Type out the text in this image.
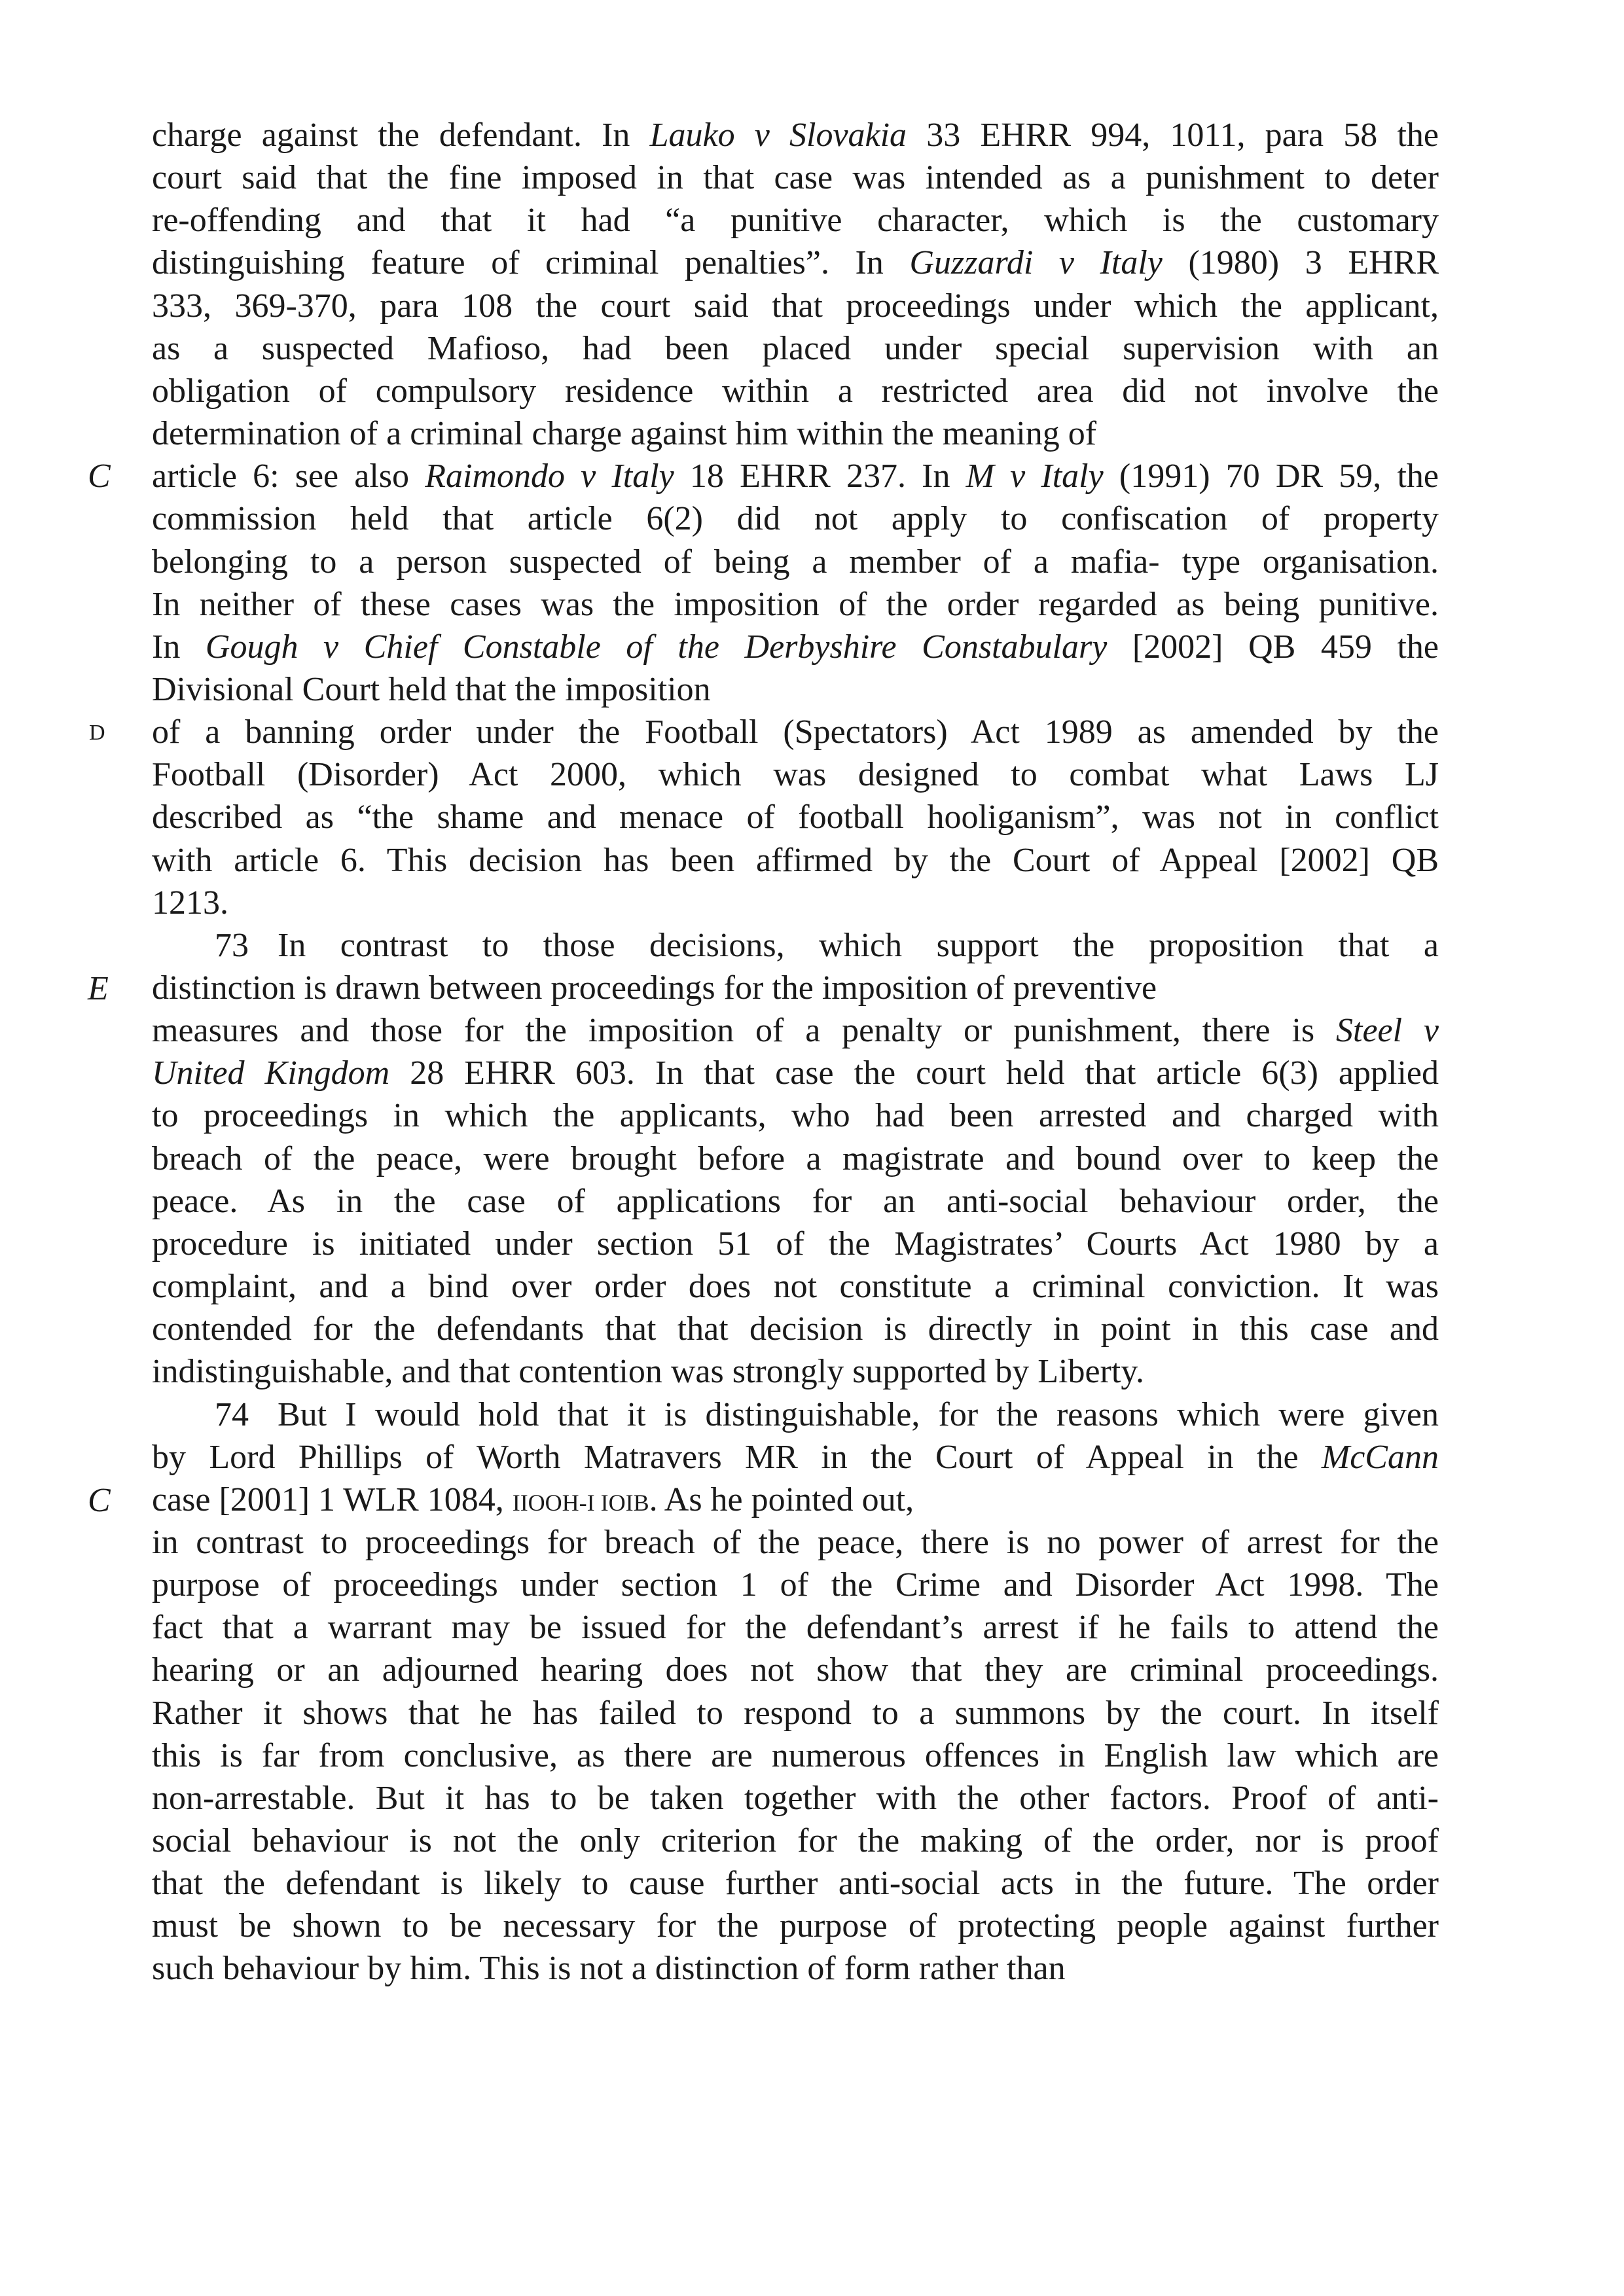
charge against the defendant. In Lauko v Slovakia 33 EHRR 994, 1011, para 58 the
court said that the fine imposed in that case was intended as a punishment to deter
re-offending and that it had “a punitive character, which is the customary
distinguishing feature of criminal penalties”. In Guzzardi v Italy (1980) 3 EHRR
333, 369-370, para 108 the court said that proceedings under which the applicant,
as a suspected Mafioso, had been placed under special supervision with an
obligation of compulsory residence within a restricted area did not involve the
determination of a criminal charge against him within the meaning of
article 6: see also Raimondo v Italy 18 EHRR 237. In M v Italy (1991) 70 DR 59, the
commission held that article 6(2) did not apply to confiscation of property
belonging to a person suspected of being a member of a mafia- type organisation.
In neither of these cases was the imposition of the order regarded as being punitive.
In Gough v Chief Constable of the Derbyshire Constabulary [2002] QB 459 the
Divisional Court held that the imposition
of a banning order under the Football (Spectators) Act 1989 as amended by the
Football (Disorder) Act 2000, which was designed to combat what Laws LJ
described as “the shame and menace of football hooliganism”, was not in conflict
with article 6. This decision has been affirmed by the Court of Appeal [2002] QB
1213.
73 In contrast to those decisions, which support the proposition that a
distinction is drawn between proceedings for the imposition of preventive
measures and those for the imposition of a penalty or punishment, there is Steel v
United Kingdom 28 EHRR 603. In that case the court held that article 6(3) applied
to proceedings in which the applicants, who had been arrested and charged with
breach of the peace, were brought before a magistrate and bound over to keep the
peace. As in the case of applications for an anti-social behaviour order, the
procedure is initiated under section 51 of the Magistrates’ Courts Act 1980 by a
complaint, and a bind over order does not constitute a criminal conviction. It was
contended for the defendants that that decision is directly in point in this case and
indistinguishable, and that contention was strongly supported by Liberty.
74 But I would hold that it is distinguishable, for the reasons which were given
by Lord Phillips of Worth Matravers MR in the Court of Appeal in the McCann
case [2001] 1 WLR 1084, IIOOH-I IOIB. As he pointed out,
in contrast to proceedings for breach of the peace, there is no power of arrest for the
purpose of proceedings under section 1 of the Crime and Disorder Act 1998. The
fact that a warrant may be issued for the defendant’s arrest if he fails to attend the
hearing or an adjourned hearing does not show that they are criminal proceedings.
Rather it shows that he has failed to respond to a summons by the court. In itself
this is far from conclusive, as there are numerous offences in English law which are
non-arrestable. But it has to be taken together with the other factors. Proof of anti-
social behaviour is not the only criterion for the making of the order, nor is proof
that the defendant is likely to cause further anti-social acts in the future. The order
must be shown to be necessary for the purpose of protecting people against further
such behaviour by him. This is not a distinction of form rather than
C
D
E
C
